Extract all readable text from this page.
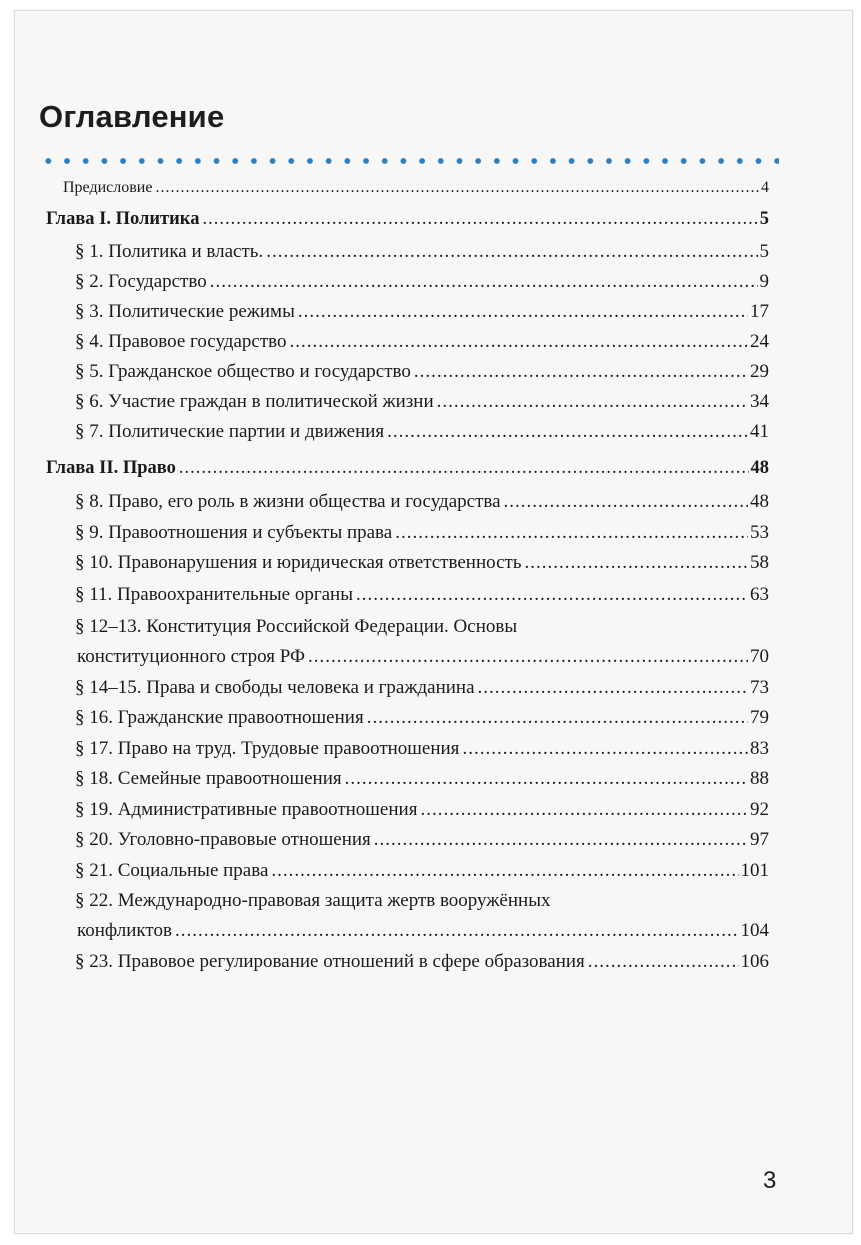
Оглавление
Предисловие .....	4
Глава I. Политика .....	5
§ 1. Политика и власть. .....	5
§ 2. Государство .....	9
§ 3. Политические режимы .....	17
§ 4. Правовое государство .....	24
§ 5. Гражданское общество и государство .....	29
§ 6. Участие граждан в политической жизни .....	34
§ 7. Политические партии и движения .....	41
Глава II. Право .....	48
§ 8. Право, его роль в жизни общества и государства .....	48
§ 9. Правоотношения и субъекты права .....	53
§ 10. Правонарушения и юридическая ответственность .....	58
§ 11. Правоохранительные органы .....	63
§ 12–13. Конституция Российской Федерации. Основы
конституционного строя РФ .....	70
§ 14–15. Права и свободы человека и гражданина .....	73
§ 16. Гражданские правоотношения .....	79
§ 17. Право на труд. Трудовые правоотношения .....	83
§ 18. Семейные правоотношения .....	88
§ 19. Административные правоотношения .....	92
§ 20. Уголовно-правовые отношения .....	97
§ 21. Социальные права .....	101
§ 22. Международно-правовая защита жертв вооружённых
конфликтов .....	104
§ 23. Правовое регулирование отношений в сфере образования .....	106
3
